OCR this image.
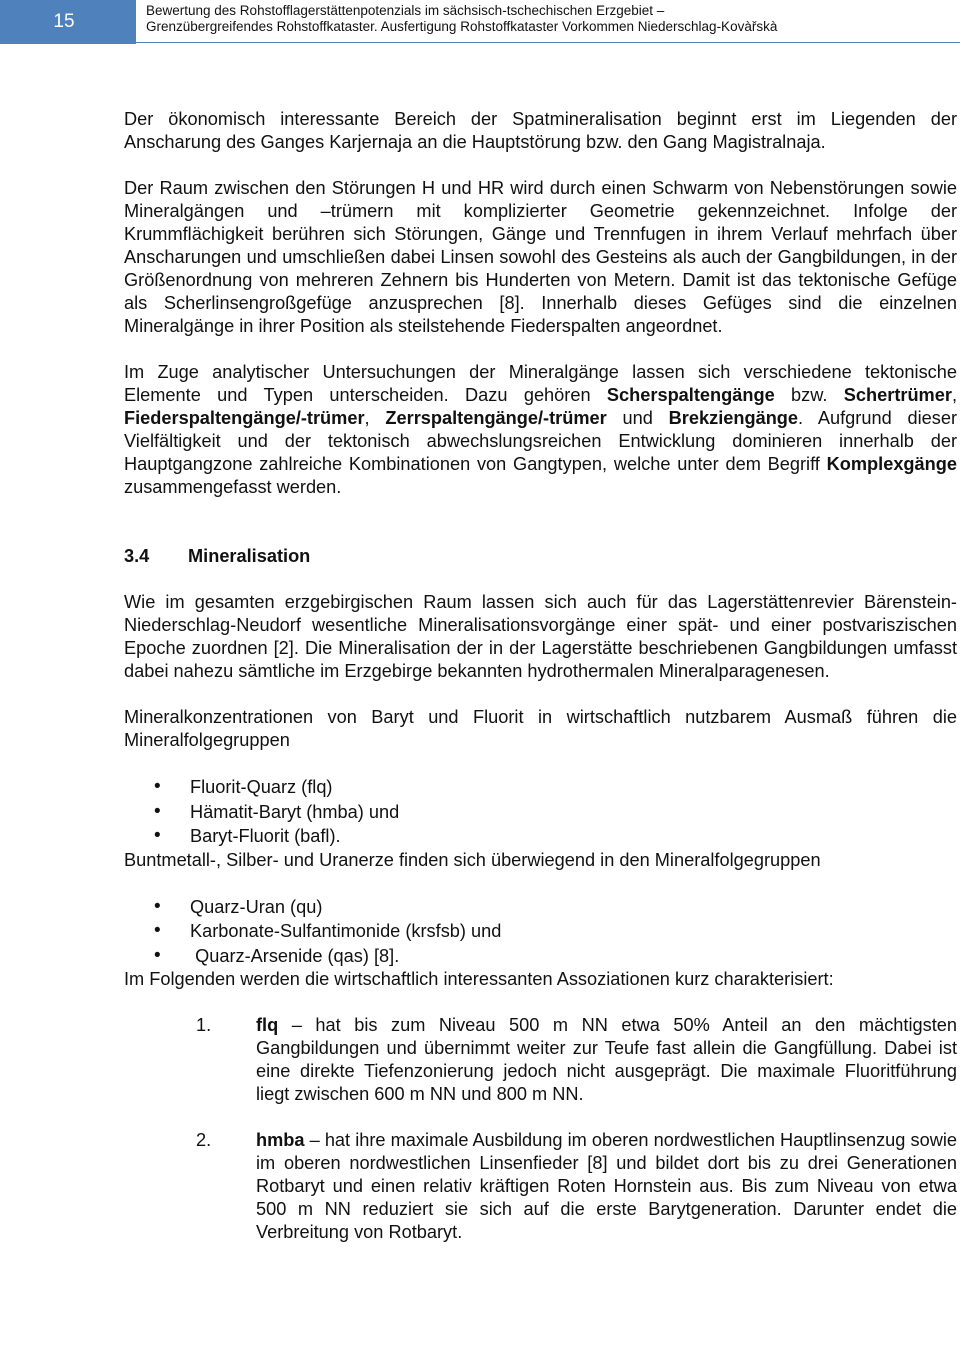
15
Bewertung des Rohstofflagerstättenpotenzials im sächsisch-tschechischen Erzgebiet –
Grenzübergreifendes Rohstoffkataster. Ausfertigung Rohstoffkataster Vorkommen Niederschlag-Kovàřskà

Der ökonomisch interessante Bereich der Spatmineralisation beginnt erst im Liegenden der Anscharung des Ganges Karjernaja an die Hauptstörung bzw. den Gang Magistralnaja.

Der Raum zwischen den Störungen H und HR wird durch einen Schwarm von Nebenstörungen sowie Mineralgängen und –trümern mit komplizierter Geometrie gekennzeichnet. Infolge der Krummflächigkeit berühren sich Störungen, Gänge und Trennfugen in ihrem Verlauf mehrfach über Anscharungen und umschließen dabei Linsen sowohl des Gesteins als auch der Gangbildungen, in der Größenordnung von mehreren Zehnern bis Hunderten von Metern. Damit ist das tektonische Gefüge als Scherlinsengroßgefüge anzusprechen [8]. Innerhalb dieses Gefüges sind die einzelnen Mineralgänge in ihrer Position als steilstehende Fiederspalten angeordnet.

Im Zuge analytischer Untersuchungen der Mineralgänge lassen sich verschiedene tektonische Elemente und Typen unterscheiden. Dazu gehören Scherspaltengänge bzw. Schertrümer, Fiederspaltengänge/-trümer, Zerrspaltengänge/-trümer und Brekziengänge. Aufgrund dieser Vielfältigkeit und der tektonisch abwechslungsreichen Entwicklung dominieren innerhalb der Hauptgangzone zahlreiche Kombinationen von Gangtypen, welche unter dem Begriff Komplexgänge zusammengefasst werden.

3.4	Mineralisation

Wie im gesamten erzgebirgischen Raum lassen sich auch für das Lagerstättenrevier Bärenstein-Niederschlag-Neudorf wesentliche Mineralisationsvorgänge einer spät- und einer postvariszischen Epoche zuordnen [2]. Die Mineralisation der in der Lagerstätte beschriebenen Gangbildungen umfasst dabei nahezu sämtliche im Erzgebirge bekannten hydrothermalen Mineralparagenesen.

Mineralkonzentrationen von Baryt und Fluorit in wirtschaftlich nutzbarem Ausmaß führen die Mineralfolgegruppen

• Fluorit-Quarz (flq)
• Hämatit-Baryt (hmba) und
• Baryt-Fluorit (bafl).

Buntmetall-, Silber- und Uranerze finden sich überwiegend in den Mineralfolgegruppen

• Quarz-Uran (qu)
• Karbonate-Sulfantimonide (krsfsb) und
•  Quarz-Arsenide (qas) [8].

Im Folgenden werden die wirtschaftlich interessanten Assoziationen kurz charakterisiert:

1. flq – hat bis zum Niveau 500 m NN etwa 50% Anteil an den mächtigsten Gangbildungen und übernimmt weiter zur Teufe fast allein die Gangfüllung. Dabei ist eine direkte Tiefenzonierung jedoch nicht ausgeprägt. Die maximale Fluoritführung liegt zwischen 600 m NN und 800 m NN.
2. hmba – hat ihre maximale Ausbildung im oberen nordwestlichen Hauptlinsenzug sowie im oberen nordwestlichen Linsenfieder [8] und bildet dort bis zu drei Generationen Rotbaryt und einen relativ kräftigen Roten Hornstein aus. Bis zum Niveau von etwa 500 m NN reduziert sie sich auf die erste Barytgeneration. Darunter endet die Verbreitung von Rotbaryt.
